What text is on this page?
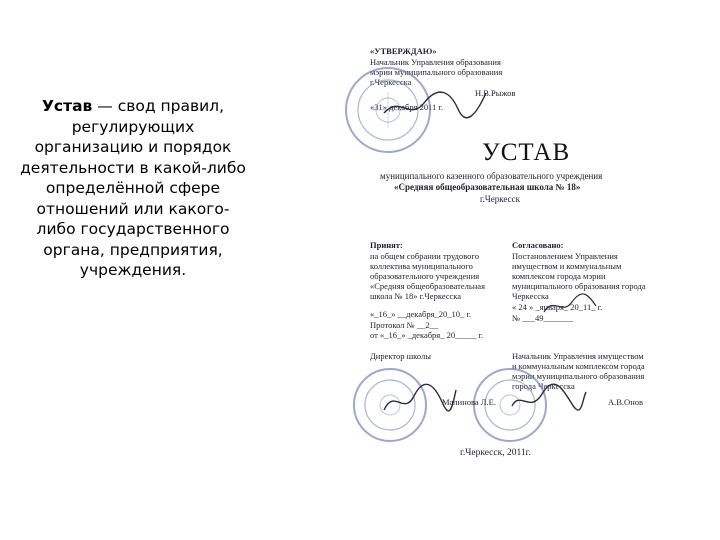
Устав — свод правил, регулирующих организацию и порядок деятельности в какой-либо определённой сфере отношений или какого-либо государственного органа, предприятия, учреждения.
«УТВЕРЖДАЮ»
Начальник Управления образования
мэрии муниципального образования
г.Черкесска
Н.В.Рыжов
«31» декабря 2011 г.
УСТАВ
муниципального казенного образовательного учреждения
«Средняя общеобразовательная школа № 18»
г.Черкесск
Принят:
на общем собрании трудового
коллектива муниципального
образовательного учреждения
«Средняя общеобразовательная
школа № 18» г.Черкесска
«_16_» __декабря_20_10_ г.
Протокол № __2__
от «_16_» _декабря_ 20_____ г.
Согласовано:
Постановлением Управления
имуществом и коммунальным
комплексом города мэрии
муниципального образования города
Черкесска
« 24 » _января_ 20_11_ г.
№ ___49_______
Директор школы	Начальник Управления имуществом
и коммунальным комплексом города
мэрии муниципального образования
города Черкесска
Малинова Л.Е.	А.В.Онов
г.Черкесск, 2011г.
